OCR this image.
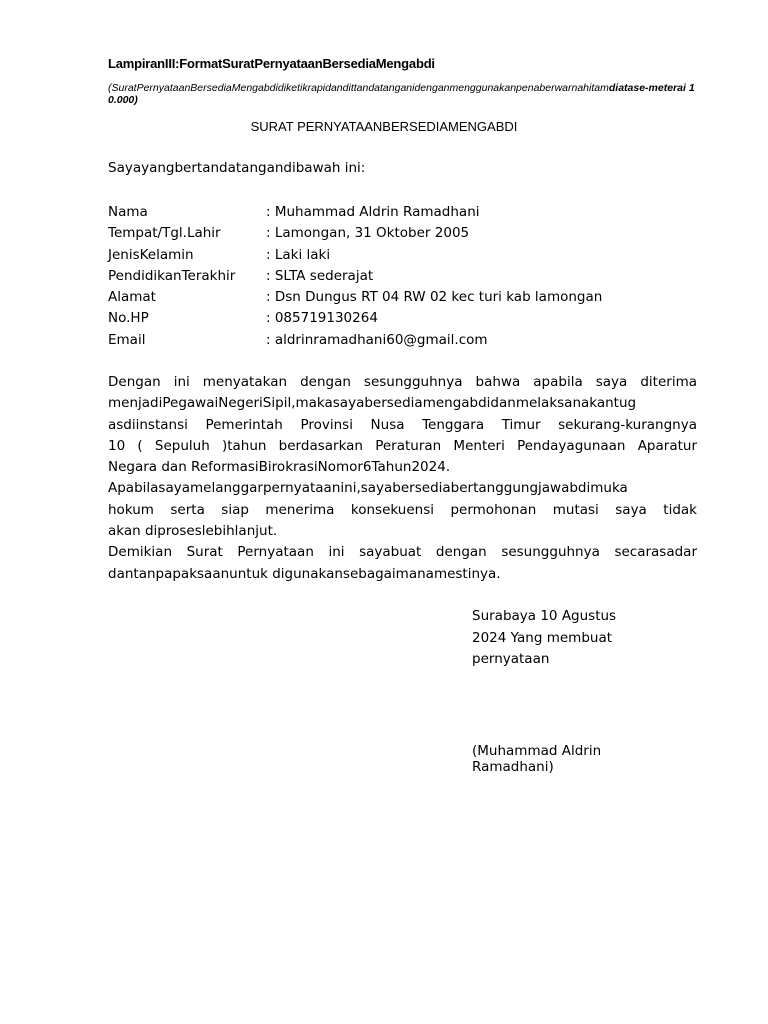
LampiranIII:FormatSuratPernyataanBersediaMengabdi
(SuratPernyataanBersediaMengabdidiketikrapidandittandatanganidenganmenggunakanpenaberwarnahitamdiatase-meterai 10.000)
SURAT PERNYATAANBERSEDIAMENGABDI
Sayayangbertandatangandibawah ini:
Nama	: Muhammad Aldrin Ramadhani
Tempat/Tgl.Lahir	: Lamongan, 31 Oktober 2005
JenisKelamin	: Laki laki
PendidikanTerakhir	: SLTA sederajat
Alamat	: Dsn Dungus RT 04 RW 02 kec turi kab lamongan
No.HP	: 085719130264
Email	: aldrinramadhani60@gmail.com
Dengan ini menyatakan dengan sesungguhnya bahwa apabila saya diterima
menjadiPegawaiNegeriSipil,makasayabersediamengabdidanmelaksanakantug
asdiinstansi Pemerintah Provinsi Nusa Tenggara Timur sekurang-kurangnya
10 ( Sepuluh )tahun berdasarkan Peraturan Menteri Pendayagunaan Aparatur
Negara dan ReformasiBirokrasiNomor6Tahun2024.
Apabilasayamelanggarpernyataanini,sayabersediabertanggungjawabdimuka
hokum serta siap menerima konsekuensi permohonan mutasi saya tidak
akan diproseslebihlanjut.
Demikian Surat Pernyataan ini sayabuat dengan sesungguhnya secarasadar
dantanpapaksaanuntuk digunakansebagaimanamestinya.
Surabaya 10 Agustus
2024 Yang membuat
pernyataan
(Muhammad Aldrin
Ramadhani)
